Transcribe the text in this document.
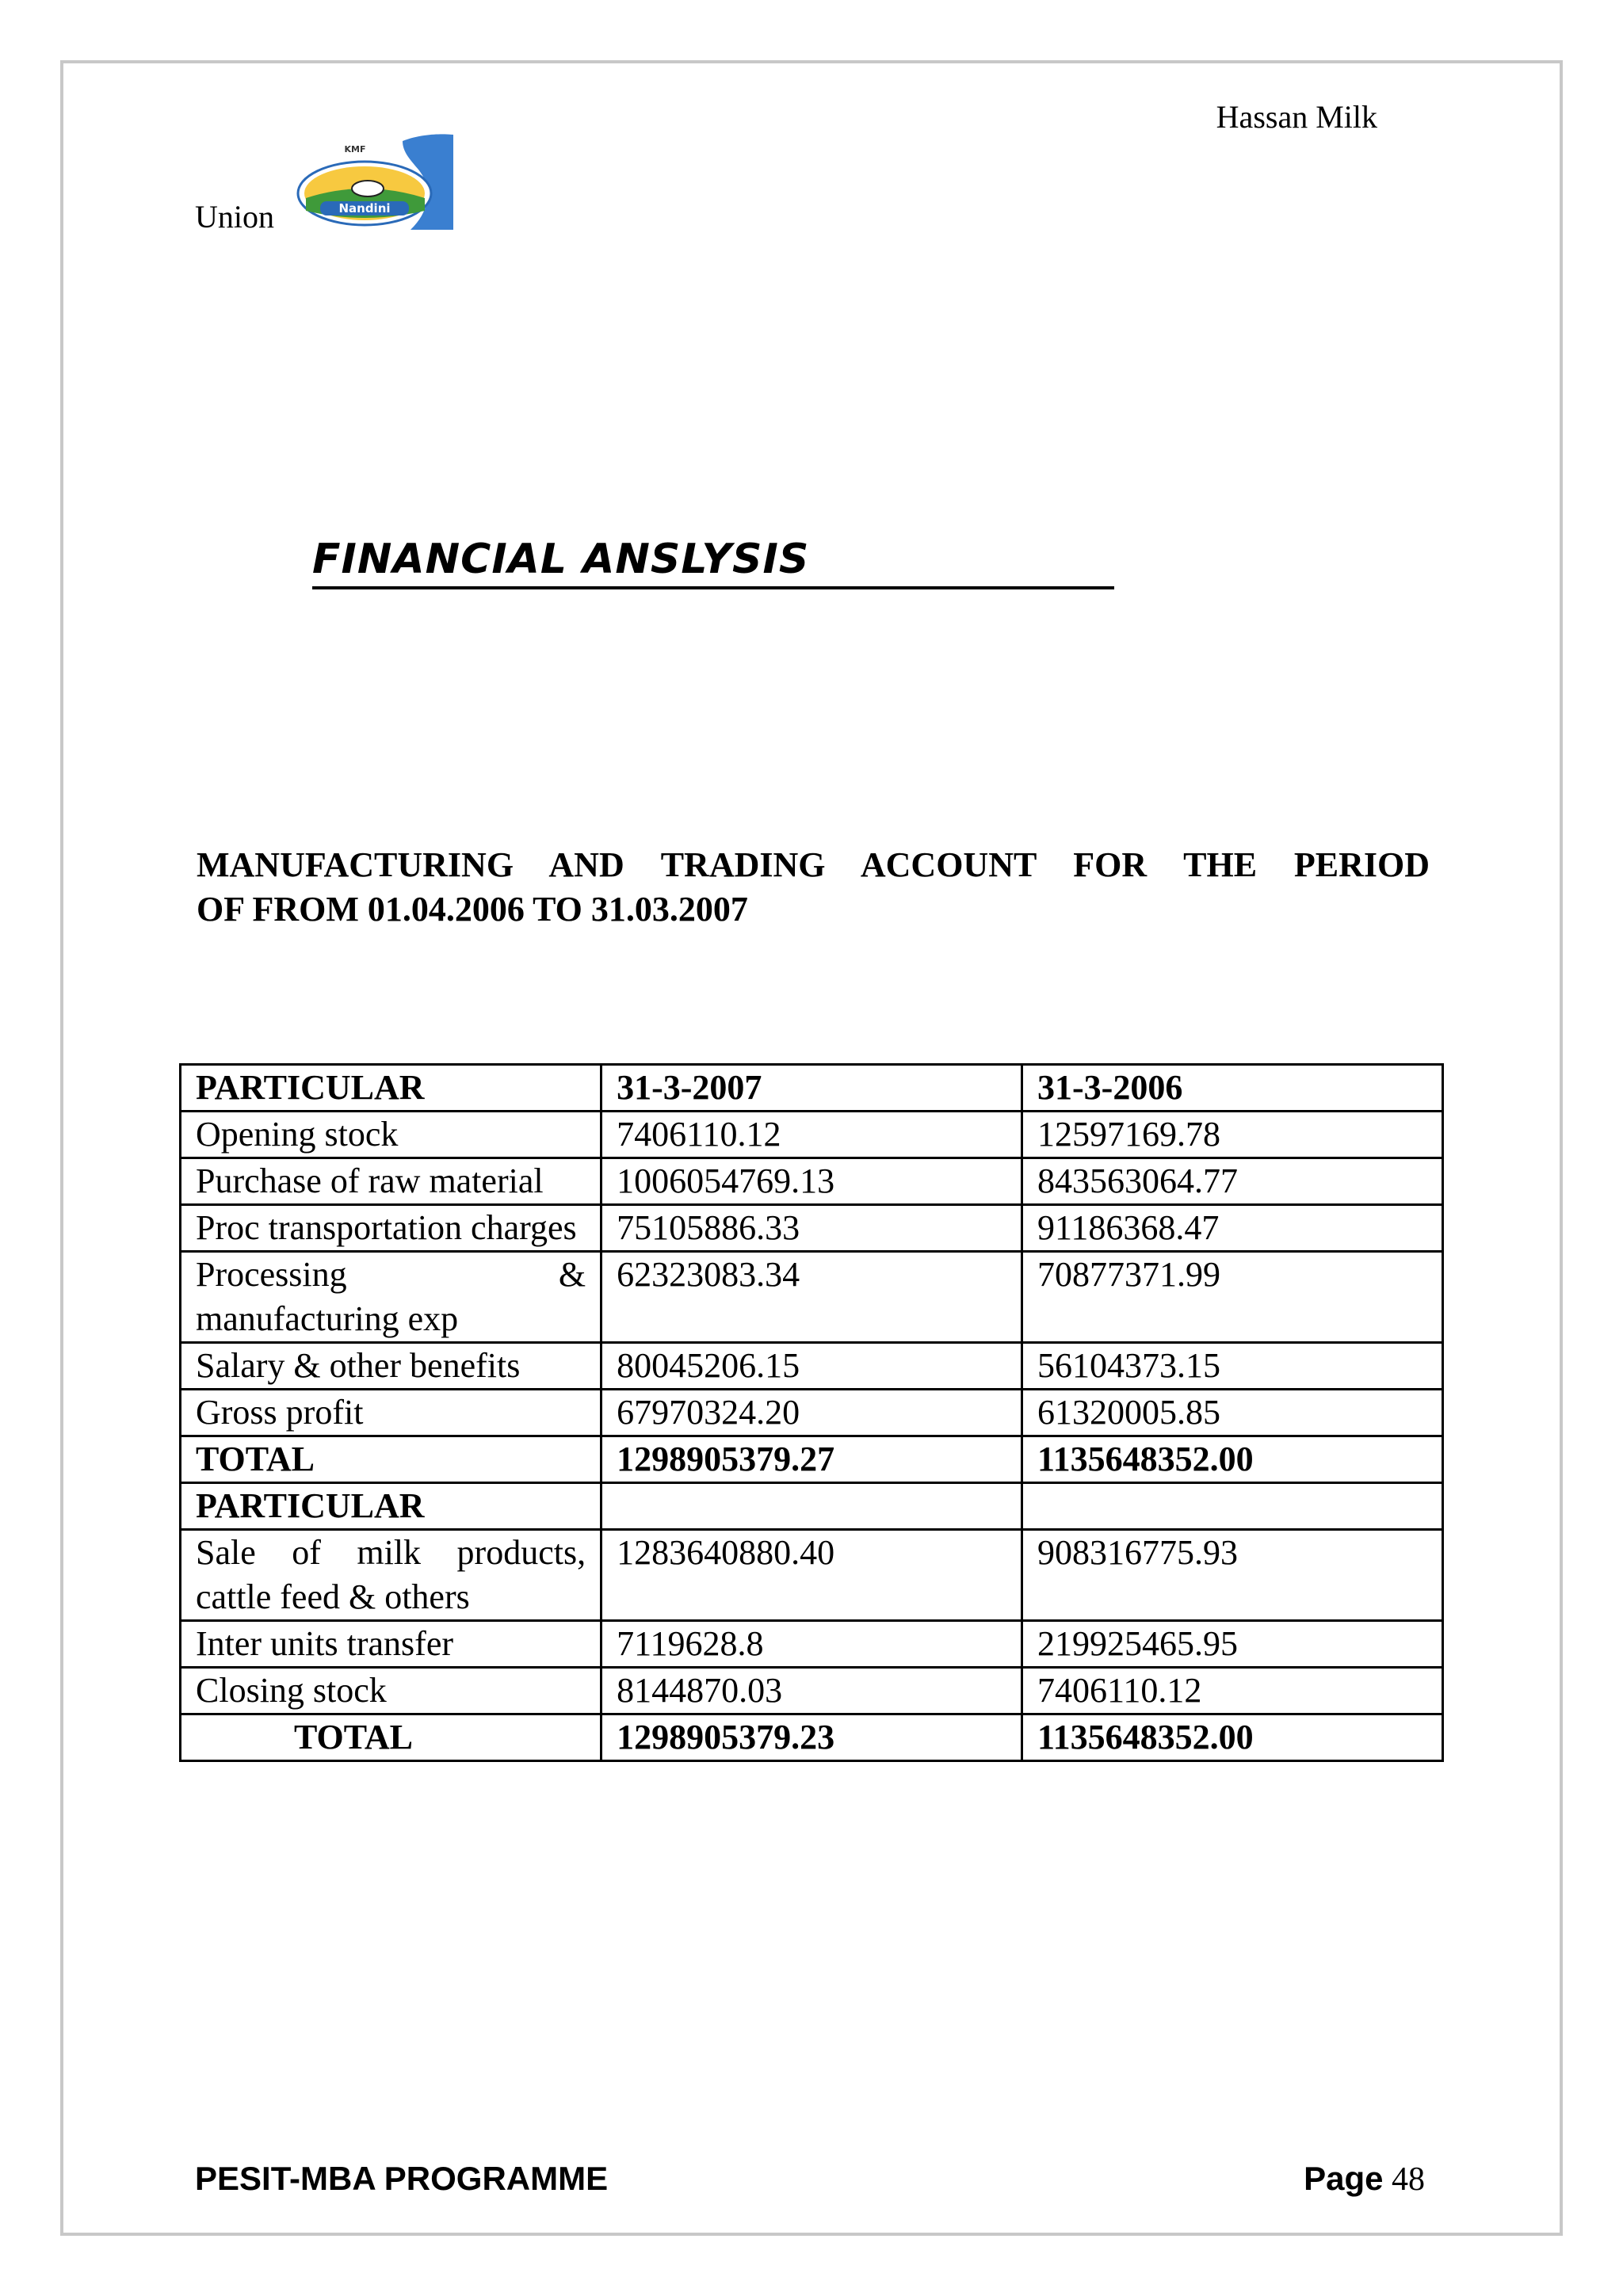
Hassan Milk
Union	Nandini
KMF
FINANCIAL ANSLYSIS
MANUFACTURING AND TRADING ACCOUNT FOR THE PERIOD
OF FROM 01.04.2006 TO 31.03.2007
PARTICULAR	31-3-2007	31-3-2006
Opening stock	7406110.12	12597169.78
Purchase of raw material	1006054769.13	843563064.77
Proc transportation charges	75105886.33	91186368.47
Processing & manufacturing exp	62323083.34	70877371.99
Salary & other benefits	80045206.15	56104373.15
Gross profit	67970324.20	61320005.85
TOTAL	1298905379.27	1135648352.00
PARTICULAR		
Sale of milk products, cattle feed & others	1283640880.40	908316775.93
Inter units transfer	7119628.8	219925465.95
Closing stock	8144870.03	7406110.12
TOTAL	1298905379.23	1135648352.00
PESIT-MBA PROGRAMME	Page 48
